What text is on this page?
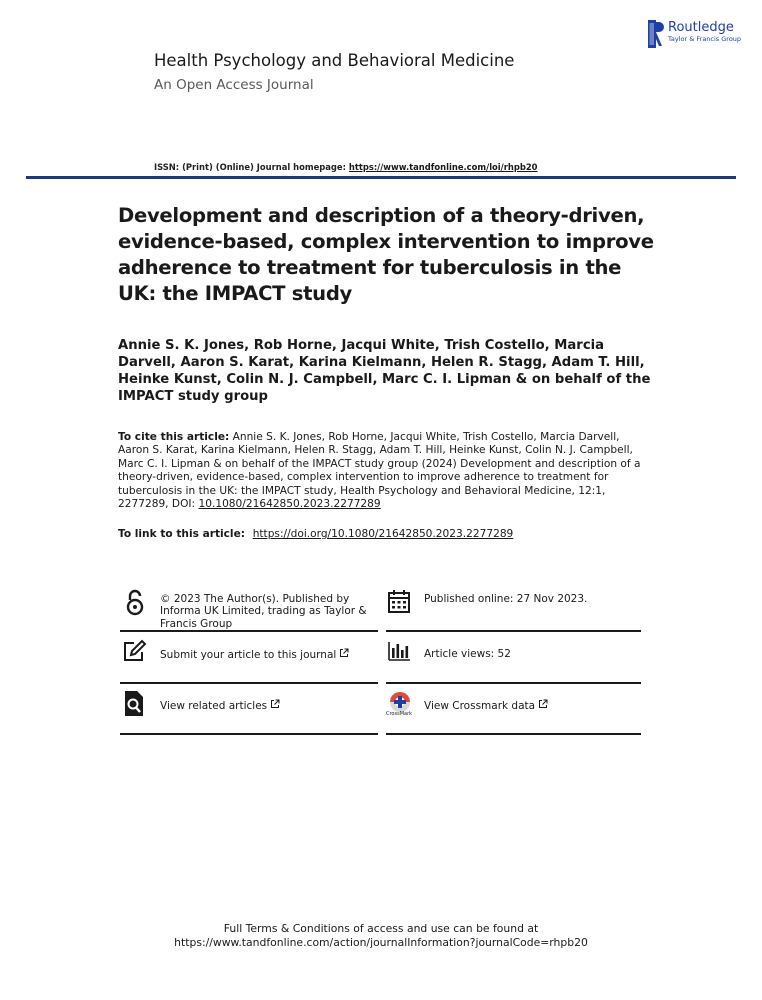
Routledge
Taylor & Francis Group
Health Psychology and Behavioral Medicine
An Open Access Journal
ISSN: (Print) (Online) Journal homepage: https://www.tandfonline.com/loi/rhpb20
Development and description of a theory-driven, evidence-based, complex intervention to improve adherence to treatment for tuberculosis in the UK: the IMPACT study
Annie S. K. Jones, Rob Horne, Jacqui White, Trish Costello, Marcia Darvell, Aaron S. Karat, Karina Kielmann, Helen R. Stagg, Adam T. Hill, Heinke Kunst, Colin N. J. Campbell, Marc C. I. Lipman & on behalf of the IMPACT study group
To cite this article: Annie S. K. Jones, Rob Horne, Jacqui White, Trish Costello, Marcia Darvell, Aaron S. Karat, Karina Kielmann, Helen R. Stagg, Adam T. Hill, Heinke Kunst, Colin N. J. Campbell, Marc C. I. Lipman & on behalf of the IMPACT study group (2024) Development and description of a theory-driven, evidence-based, complex intervention to improve adherence to treatment for tuberculosis in the UK: the IMPACT study, Health Psychology and Behavioral Medicine, 12:1, 2277289, DOI: 10.1080/21642850.2023.2277289
To link to this article: https://doi.org/10.1080/21642850.2023.2277289
© 2023 The Author(s). Published by Informa UK Limited, trading as Taylor & Francis Group
Published online: 27 Nov 2023.
Submit your article to this journal	Article views: 52
View related articles
CrossMark
View Crossmark data
Full Terms & Conditions of access and use can be found at
https://www.tandfonline.com/action/journalInformation?journalCode=rhpb20
